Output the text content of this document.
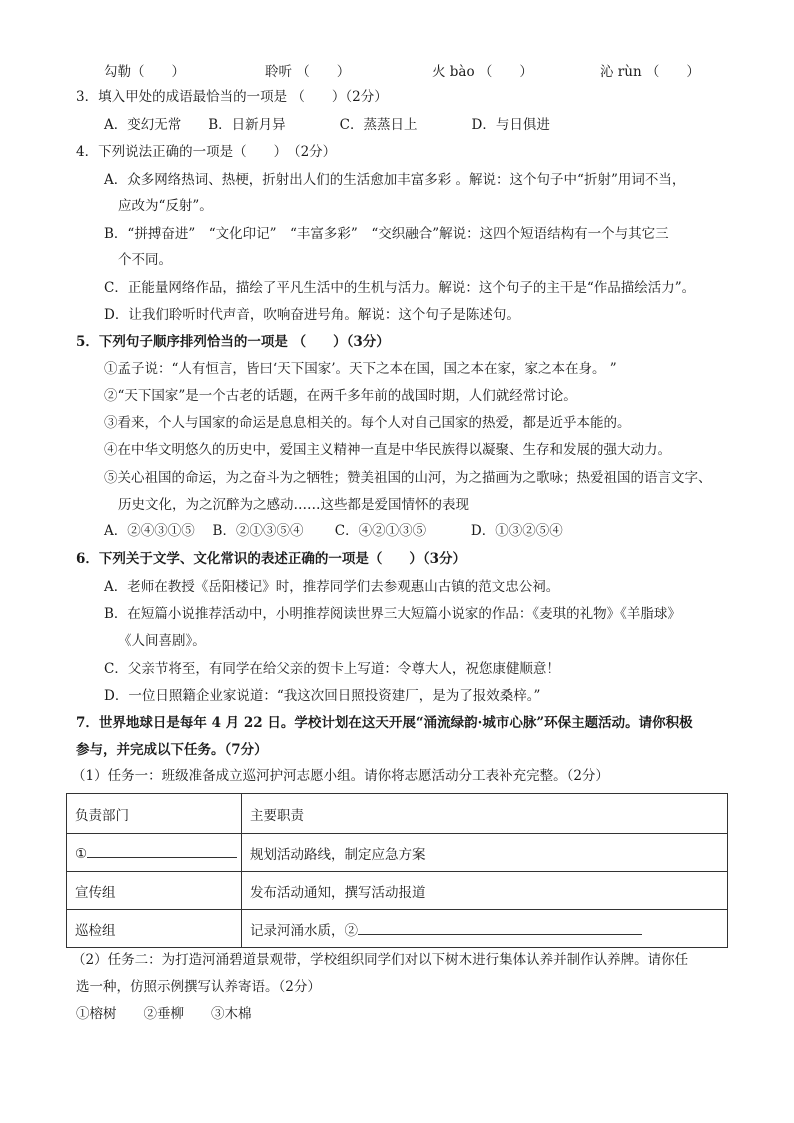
勾勒（　　）	聆听 （　　）	火 bào （　　）	沁 rùn （　　）
3．填入甲处的成语最恰当的一项是 （　　）（2分）
A．变幻无常　　B．日新月异　　　　C．蒸蒸日上　　　　D．与日俱进
4．下列说法正确的一项是（　　）　（2分）
A．众多网络热词、热梗，折射出人们的生活愈加丰富多彩 。解说：这个句子中“折射”用词不当，
应改为“反射”。
B．“拼搏奋进”　“文化印记”　“丰富多彩”　“交织融合”解说：这四个短语结构有一个与其它三
个不同。
C．正能量网络作品，描绘了平凡生活中的生机与活力。解说：这个句子的主干是“作品描绘活力”。
D．让我们聆听时代声音，吹响奋进号角。解说：这个句子是陈述句。
5．下列句子顺序排列恰当的一项是 （　　）（3分）
①孟子说：“人有恒言，皆曰‘天下国家’。天下之本在国，国之本在家，家之本在身。 ”
②“天下国家”是一个古老的话题，在两千多年前的战国时期，人们就经常讨论。
③看来，个人与国家的命运是息息相关的。每个人对自己国家的热爱，都是近乎本能的。
④在中华文明悠久的历史中，爱国主义精神一直是中华民族得以凝聚、生存和发展的强大动力。
⑤关心祖国的命运，为之奋斗为之牺牲；赞美祖国的山河，为之描画为之歌咏；热爱祖国的语言文字、
历史文化，为之沉醉为之感动……这些都是爱国情怀的表现
A．②④③①⑤　 B．②①③⑤④　　 C．④②①③⑤　　　 D．①③②⑤④
6．下列关于文学、文化常识的表述正确的一项是（　　）（3分）
A．老师在教授《岳阳楼记》时，推荐同学们去参观惠山古镇的范文忠公祠。
B．在短篇小说推荐活动中，小明推荐阅读世界三大短篇小说家的作品：《麦琪的礼物》《羊脂球》
《人间喜剧》。
C．父亲节将至，有同学在给父亲的贺卡上写道：令尊大人，祝您康健顺意！
D．一位日照籍企业家说道：“我这次回日照投资建厂，是为了报效桑梓。”
7．世界地球日是每年 4 月 22 日。学校计划在这天开展“涌流绿韵·城市心脉”环保主题活动。请你积极
参与，并完成以下任务。（7分）
（1）任务一：班级准备成立巡河护河志愿小组。请你将志愿活动分工表补充完整。（2分）
负责部门	主要职责
①	规划活动路线，制定应急方案
宣传组	发布活动通知，撰写活动报道
巡检组	记录河涌水质，②
（2）任务二：为打造河涌碧道景观带，学校组织同学们对以下树木进行集体认养并制作认养牌。请你任
选一种，仿照示例撰写认养寄语。（2分）
①榕树　　②垂柳　　③木棉
